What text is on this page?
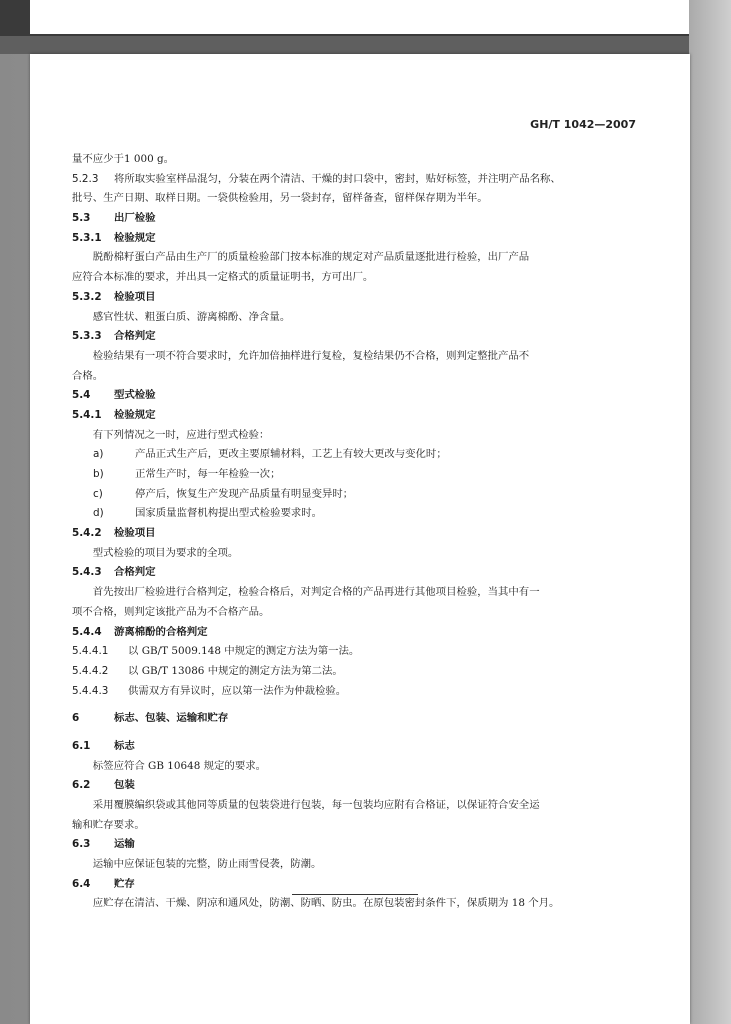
GH/T 1042—2007
量不应少于1 000 g。
5.2.3 将所取实验室样品混匀，分装在两个清洁、干燥的封口袋中，密封，贴好标签，并注明产品名称、
批号、生产日期、取样日期。一袋供检验用，另一袋封存，留样备查，留样保存期为半年。
5.3 出厂检验
5.3.1 检验规定
脱酚棉籽蛋白产品由生产厂的质量检验部门按本标准的规定对产品质量逐批进行检验，出厂产品
应符合本标准的要求，并出具一定格式的质量证明书，方可出厂。
5.3.2 检验项目
感官性状、粗蛋白质、游离棉酚、净含量。
5.3.3 合格判定
检验结果有一项不符合要求时，允许加倍抽样进行复检，复检结果仍不合格，则判定整批产品不
合格。
5.4 型式检验
5.4.1 检验规定
有下列情况之一时，应进行型式检验：
a)	产品正式生产后，更改主要原辅材料，工艺上有较大更改与变化时；
b)	正常生产时，每一年检验一次；
c)	停产后，恢复生产发现产品质量有明显变异时；
d)	国家质量监督机构提出型式检验要求时。
5.4.2 检验项目
型式检验的项目为要求的全项。
5.4.3 合格判定
首先按出厂检验进行合格判定，检验合格后，对判定合格的产品再进行其他项目检验，当其中有一
项不合格，则判定该批产品为不合格产品。
5.4.4 游离棉酚的合格判定
5.4.4.1 以 GB/T 5009.148 中规定的测定方法为第一法。
5.4.4.2 以 GB/T 13086 中规定的测定方法为第二法。
5.4.4.3 供需双方有异议时，应以第一法作为仲裁检验。
6	标志、包装、运输和贮存
6.1 标志
标签应符合 GB 10648 规定的要求。
6.2 包装
采用覆膜编织袋或其他同等质量的包装袋进行包装，每一包装均应附有合格证，以保证符合安全运
输和贮存要求。
6.3 运输
运输中应保证包装的完整，防止雨雪侵袭，防潮。
6.4 贮存
应贮存在清洁、干燥、阴凉和通风处，防潮、防晒、防虫。在原包装密封条件下，保质期为 18 个月。
